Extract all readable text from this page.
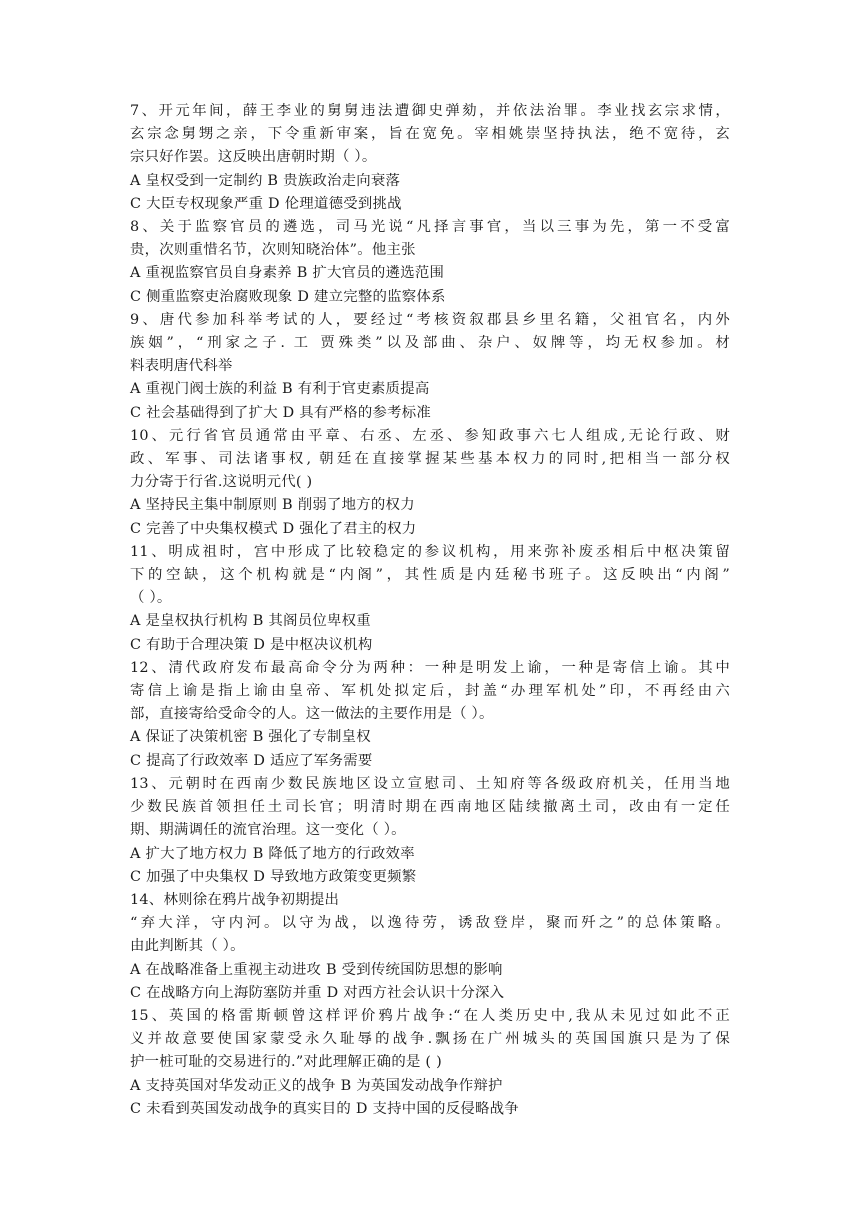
7、开元年间，薛王李业的舅舅违法遭御史弹劾，并依法治罪。李业找玄宗求情，
玄宗念舅甥之亲，下令重新审案，旨在宽免。宰相姚崇坚持执法，绝不宽待，玄
宗只好作罢。这反映出唐朝时期（ ）。
A 皇权受到一定制约 B 贵族政治走向衰落
C 大臣专权现象严重 D 伦理道德受到挑战
8、关于监察官员的遴选，司马光说“凡择言事官，当以三事为先，第一不受富
贵，次则重惜名节，次则知晓治体”。他主张
A 重视监察官员自身素养 B 扩大官员的遴选范围
C 侧重监察吏治腐败现象 D 建立完整的监察体系
9、唐代参加科举考试的人，要经过“考核资叙郡县乡里名籍，父祖官名，内外
族姻”，“刑家之子. 工 贾殊类”以及部曲、杂户、奴牌等，均无权参加。材
料表明唐代科举
A 重视门阀士族的利益 B 有利于官吏素质提高
C 社会基础得到了扩大 D 具有严格的参考标准
10、元行省官员通常由平章、右丞、左丞、参知政事六七人组成,无论行政、财
政、军事、司法诸事权, 朝廷在直接掌握某些基本权力的同时,把相当一部分权
力分寄于行省.这说明元代( )
A 坚持民主集中制原则 B 削弱了地方的权力
C 完善了中央集权模式 D 强化了君主的权力
11、明成祖时，宫中形成了比较稳定的参议机构，用来弥补废丞相后中枢决策留
下的空缺，这个机构就是“内阁”，其性质是内廷秘书班子。这反映出“内阁”
（ ）。
A 是皇权执行机构 B 其阁员位卑权重
C 有助于合理决策 D 是中枢决议机构
12、清代政府发布最高命令分为两种：一种是明发上谕，一种是寄信上谕。其中
寄信上谕是指上谕由皇帝、军机处拟定后，封盖“办理军机处”印，不再经由六
部，直接寄给受命令的人。这一做法的主要作用是（ ）。
A 保证了决策机密 B 强化了专制皇权
C 提高了行政效率 D 适应了军务需要
13、元朝时在西南少数民族地区设立宣慰司、土知府等各级政府机关，任用当地
少数民族首领担任土司长官；明清时期在西南地区陆续撤离土司，改由有一定任
期、期满调任的流官治理。这一变化（ ）。
A 扩大了地方权力 B 降低了地方的行政效率
C 加强了中央集权 D 导致地方政策变更频繁
14、林则徐在鸦片战争初期提出
“弃大洋，守内河。以守为战，以逸待劳，诱敌登岸，聚而歼之”的总体策略。
由此判断其（ ）。
A 在战略准备上重视主动进攻 B 受到传统国防思想的影响
C 在战略方向上海防塞防并重 D 对西方社会认识十分深入
15、英国的格雷斯顿曾这样评价鸦片战争:“在人类历史中,我从未见过如此不正
义并故意要使国家蒙受永久耻辱的战争.飘扬在广州城头的英国国旗只是为了保
护一桩可耻的交易进行的.”对此理解正确的是 ( )
A 支持英国对华发动正义的战争 B 为英国发动战争作辩护
C 未看到英国发动战争的真实目的 D 支持中国的反侵略战争
